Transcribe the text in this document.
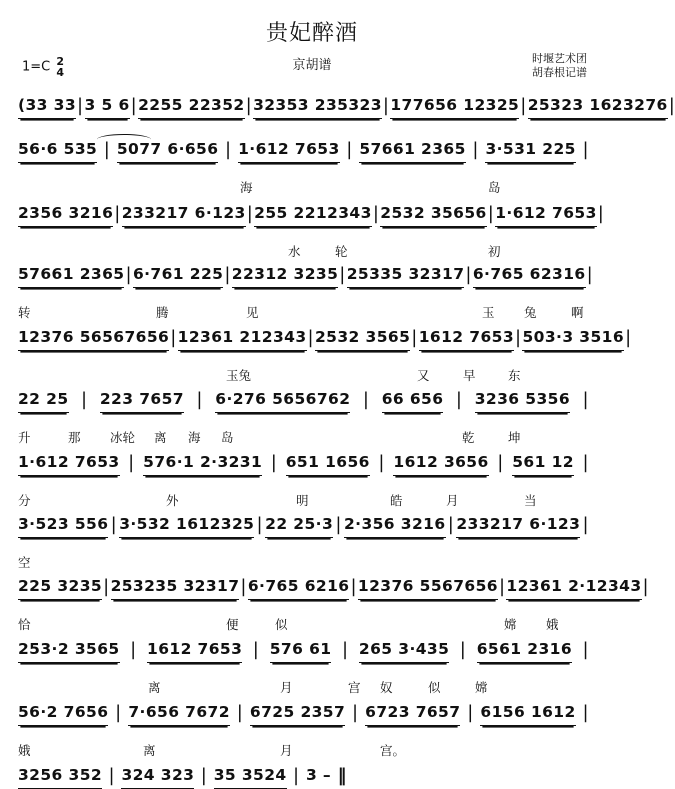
贵妃醉酒
1=C 2
4	京胡谱	时堰艺术团
胡春根记谱
(33 33 | 3 5 6 | 2255 22352 | 32353 235323 | 177656 12325 | 25323 1623276 |
56·6 535 | 5077 6·656 | 1·612 7653 | 57661 2365 | 3·531 225 |
海	岛
2356 3216 | 233217 6·123 | 255 2212343 | 2532 35656 | 1·612 7653 |
水	轮	初
57661 2365 | 6·761 225 | 22312 3235 | 25335 32317 | 6·765 62316 |
转	腾	见	玉 兔	啊
12376 56567656 | 12361 212343 | 2532 3565 | 1612 7653 | 503·3 3516 |
玉兔	又	早	东
22 25 | 223 7657 | 6·276 5656762 | 66 656 | 3236 5356 |
升	那 冰轮 离 海 岛	乾	坤
1·612 7653 | 576·1 2·3231 | 651 1656 | 1612 3656 | 561 12 |
分	外	明	皓	月	当
3·523 556 | 3·532 1612325 | 22 25·3 | 2·356 3216 | 233217 6·123 |
空
225 3235 | 253235 32317 | 6·765 6216 | 12376 5567656 | 12361 2·12343 |
恰	便	似	嫦 娥
253·2 3565 | 1612 7653 | 576 61 | 265 3·435 | 6561 2316 |
离	月	宫 奴	似	嫦
56·2 7656 | 7·656 7672 | 6725 2357 | 6723 7657 | 6156 1612 |
娥	离	月	宫。
3256 352 | 324 323 | 35 3524 | 3 – ‖
